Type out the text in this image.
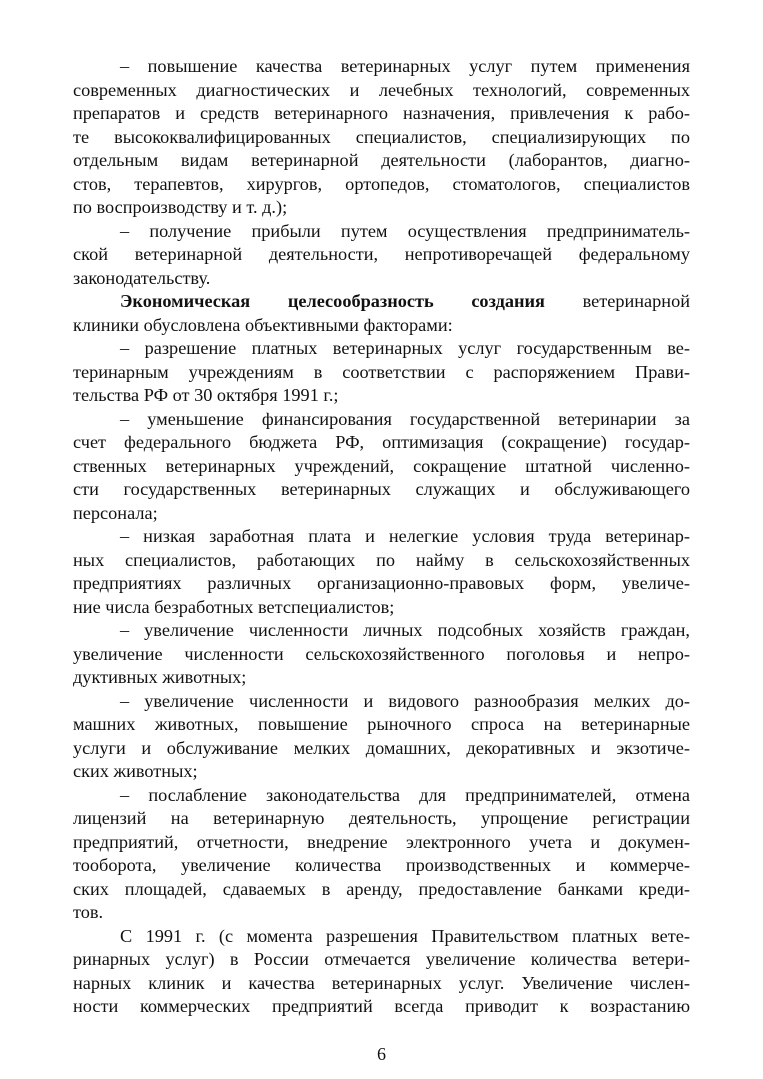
– повышение качества ветеринарных услуг путем применения
современных диагностических и лечебных технологий, современных
препаратов и средств ветеринарного назначения, привлечения к рабо-
те высококвалифицированных специалистов, специализирующих по
отдельным видам ветеринарной деятельности (лаборантов, диагно-
стов, терапевтов, хирургов, ортопедов, стоматологов, специалистов
по воспроизводству и т. д.);
– получение прибыли путем осуществления предприниматель-
ской ветеринарной деятельности, непротиворечащей федеральному
законодательству.
Экономическая целесообразность создания ветеринарной
клиники обусловлена объективными факторами:
– разрешение платных ветеринарных услуг государственным ве-
теринарным учреждениям в соответствии с распоряжением Прави-
тельства РФ от 30 октября 1991 г.;
– уменьшение финансирования государственной ветеринарии за
счет федерального бюджета РФ, оптимизация (сокращение) государ-
ственных ветеринарных учреждений, сокращение штатной численно-
сти государственных ветеринарных служащих и обслуживающего
персонала;
– низкая заработная плата и нелегкие условия труда ветеринар-
ных специалистов, работающих по найму в сельскохозяйственных
предприятиях различных организационно-правовых форм, увеличе-
ние числа безработных ветспециалистов;
– увеличение численности личных подсобных хозяйств граждан,
увеличение численности сельскохозяйственного поголовья и непро-
дуктивных животных;
– увеличение численности и видового разнообразия мелких до-
машних животных, повышение рыночного спроса на ветеринарные
услуги и обслуживание мелких домашних, декоративных и экзотиче-
ских животных;
– послабление законодательства для предпринимателей, отмена
лицензий на ветеринарную деятельность, упрощение регистрации
предприятий, отчетности, внедрение электронного учета и докумен-
тооборота, увеличение количества производственных и коммерче-
ских площадей, сдаваемых в аренду, предоставление банками креди-
тов.
С 1991 г. (с момента разрешения Правительством платных вете-
ринарных услуг) в России отмечается увеличение количества ветери-
нарных клиник и качества ветеринарных услуг. Увеличение числен-
ности коммерческих предприятий всегда приводит к возрастанию
6
